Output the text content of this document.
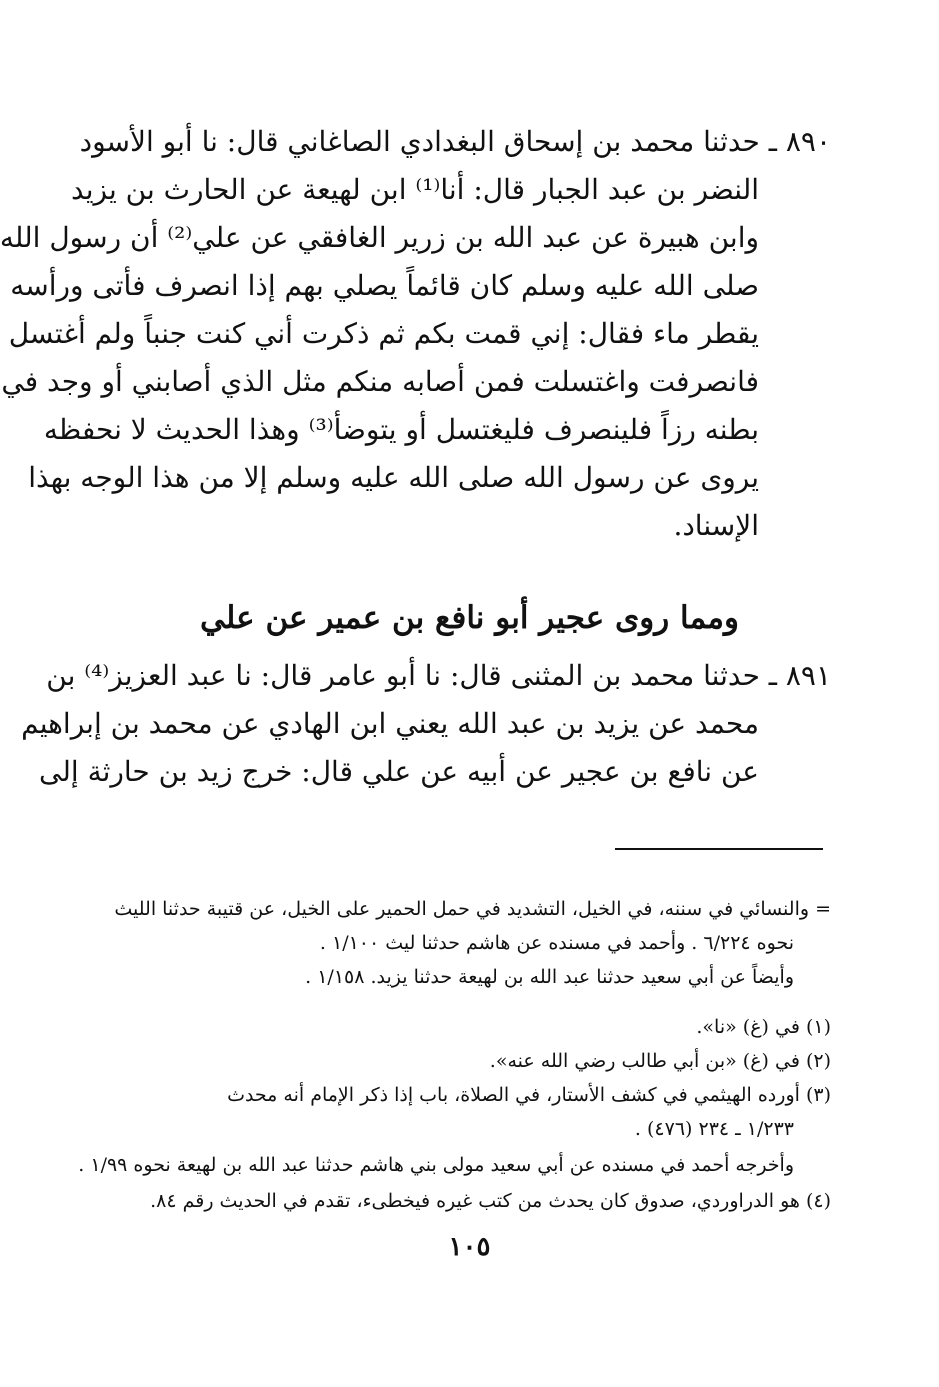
٨٩٠ ـ حدثنا محمد بن إسحاق البغدادي الصاغاني قال: نا أبو الأسود
النضر بن عبد الجبار قال: أنا⁽¹⁾ ابن لهيعة عن الحارث بن يزيد
وابن هبيرة عن عبد الله بن زرير الغافقي عن علي⁽²⁾ أن رسول الله
صلى الله عليه وسلم كان قائماً يصلي بهم إذا انصرف فأتى ورأسه
يقطر ماء فقال: إني قمت بكم ثم ذكرت أني كنت جنباً ولم أغتسل
فانصرفت واغتسلت فمن أصابه منكم مثل الذي أصابني أو وجد في
بطنه رزاً فلينصرف فليغتسل أو يتوضأ⁽³⁾ وهذا الحديث لا نحفظه
يروى عن رسول الله صلى الله عليه وسلم إلا من هذا الوجه بهذا
الإسناد.
ومما روى عجير أبو نافع بن عمير عن علي
٨٩١ ـ حدثنا محمد بن المثنى قال: نا أبو عامر قال: نا عبد العزيز⁽⁴⁾ بن
محمد عن يزيد بن عبد الله يعني ابن الهادي عن محمد بن إبراهيم
عن نافع بن عجير عن أبيه عن علي قال: خرج زيد بن حارثة إلى
= والنسائي في سننه، في الخيل، التشديد في حمل الحمير على الخيل، عن قتيبة حدثنا الليث
نحوه ٦/٢٢٤ . وأحمد في مسنده عن هاشم حدثنا ليث ١/١٠٠ .
وأيضاً عن أبي سعيد حدثنا عبد الله بن لهيعة حدثنا يزيد. ١/١٥٨ .
(١) في (غ) «نا».
(٢) في (غ) «بن أبي طالب رضي الله عنه».
(٣) أورده الهيثمي في كشف الأستار، في الصلاة، باب إذا ذكر الإمام أنه محدث
١/٢٣٣ ـ ٢٣٤ (٤٧٦) .
وأخرجه أحمد في مسنده عن أبي سعيد مولى بني هاشم حدثنا عبد الله بن لهيعة نحوه ١/٩٩ .
(٤) هو الدراوردي، صدوق كان يحدث من كتب غيره فيخطىء، تقدم في الحديث رقم ٨٤.
١٠٥
